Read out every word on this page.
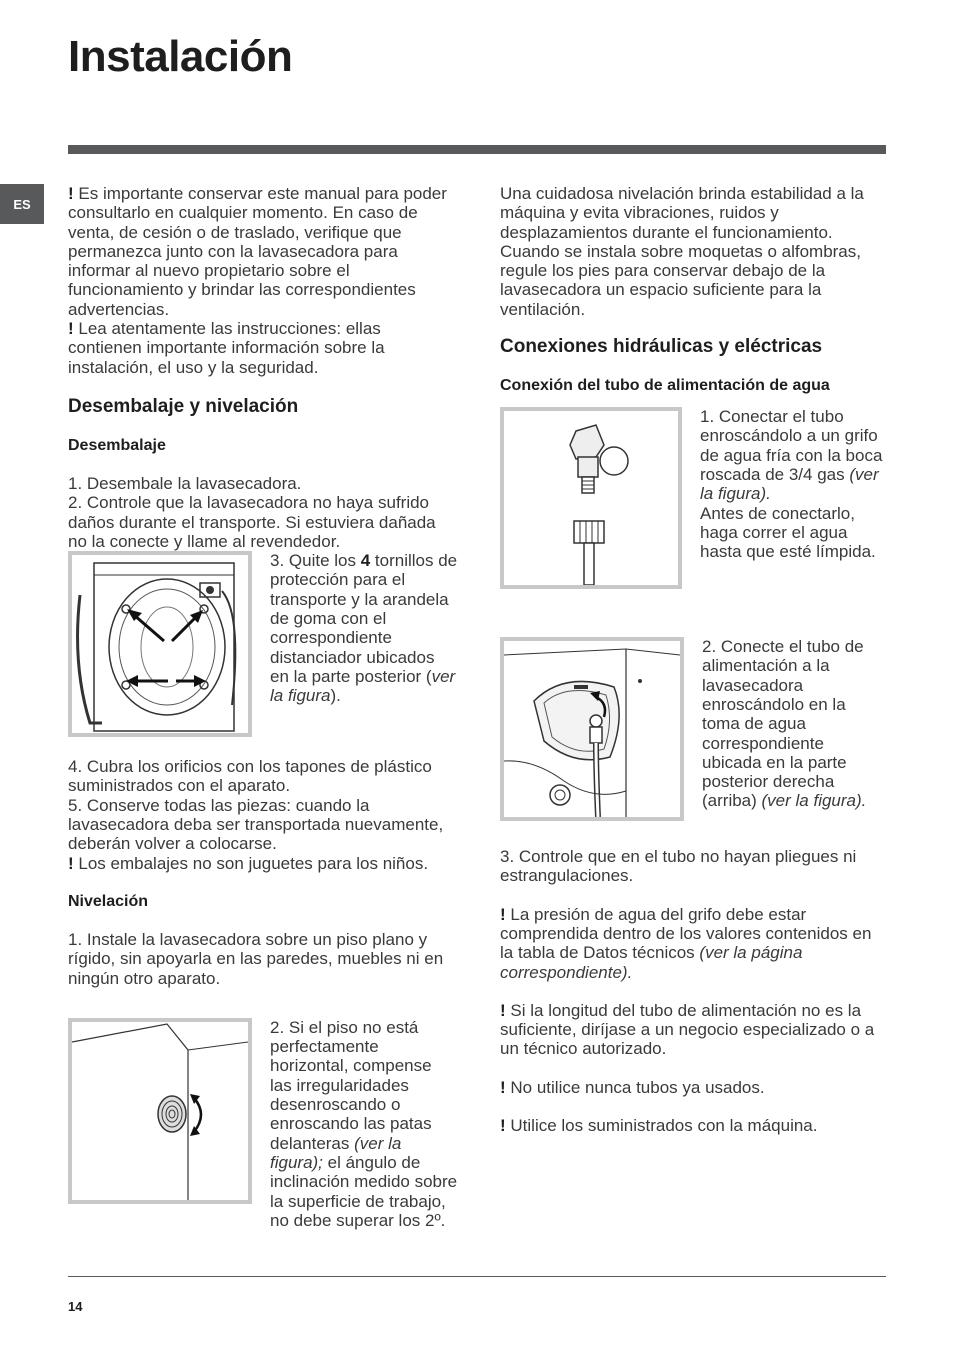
Instalación
ES

! Es importante conservar este manual para poder consultarlo en cualquier momento. En caso de venta, de cesión o de traslado, verifique que permanezca junto con la lavasecadora para informar al nuevo propietario sobre el funcionamiento y brindar las correspondientes advertencias.

! Lea atentamente las instrucciones: ellas contienen importante información sobre la instalación, el uso y la seguridad.

Desembalaje y nivelación
Desembalaje

1. Desembale la lavasecadora.

2. Controle que la lavasecadora no haya sufrido daños durante el transporte. Si estuviera dañada no la conecte y llame al revendedor.

3. Quite los 4 tornillos de protección para el transporte y la arandela de goma con el correspondiente distanciador ubicados en la parte posterior (ver la figura).

4. Cubra los orificios con los tapones de plástico suministrados con el aparato.

5. Conserve todas las piezas: cuando la lavasecadora deba ser transportada nuevamente, deberán volver a colocarse.

! Los embalajes no son juguetes para los niños.

Nivelación

1. Instale la lavasecadora sobre un piso plano y rígido, sin apoyarla en las paredes, muebles ni en ningún otro aparato.

2. Si el piso no está perfectamente horizontal, compense las irregularidades desenroscando o enroscando las patas delanteras (ver la figura); el ángulo de inclinación medido sobre la superficie de trabajo, no debe superar los 2º.

Una cuidadosa nivelación brinda estabilidad a la máquina y evita vibraciones, ruidos y desplazamientos durante el funcionamiento. Cuando se instala sobre moquetas o alfombras, regule los pies para conservar debajo de la lavasecadora un espacio suficiente para la ventilación.

Conexiones hidráulicas y eléctricas
Conexión del tubo de alimentación de agua

1. Conectar el tubo enroscándolo a un grifo de agua fría con la boca roscada de 3/4 gas (ver la figura).

Antes de conectarlo, haga correr el agua hasta que esté límpida.

2. Conecte el tubo de alimentación a la lavasecadora enroscándolo en la toma de agua correspondiente ubicada en la parte posterior derecha (arriba) (ver la figura).

3. Controle que en el tubo no hayan pliegues ni estrangulaciones.

! La presión de agua del grifo debe estar comprendida dentro de los valores contenidos en la tabla de Datos técnicos (ver la página correspondiente).

! Si la longitud del tubo de alimentación no es la suficiente, diríjase a un negocio especializado o a un técnico autorizado.

! No utilice nunca tubos ya usados.

! Utilice los suministrados con la máquina.

14
